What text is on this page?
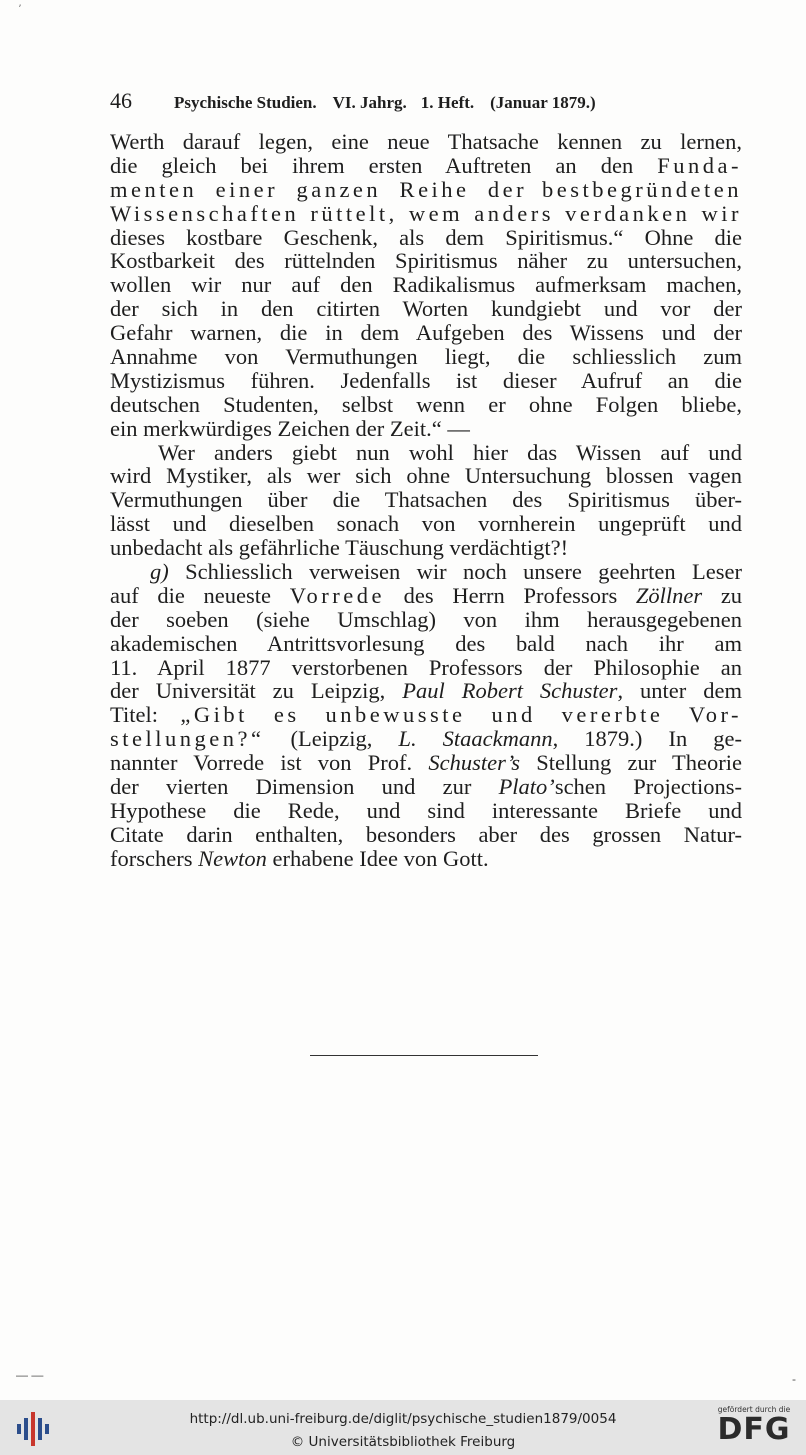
ʼ
46	Psychische Studien. VI. Jahrg. 1. Heft. (Januar 1879.)
Werth darauf legen, eine neue Thatsache kennen zu lernen,
die gleich bei ihrem ersten Auftreten an den Funda-
menten einer ganzen Reihe der bestbegründeten
Wissenschaften rüttelt, wem anders verdanken wir
dieses kostbare Geschenk, als dem Spiritismus.“ Ohne die
Kostbarkeit des rüttelnden Spiritismus näher zu untersuchen,
wollen wir nur auf den Radikalismus aufmerksam machen,
der sich in den citirten Worten kundgiebt und vor der
Gefahr warnen, die in dem Aufgeben des Wissens und der
Annahme von Vermuthungen liegt, die schliesslich zum
Mystizismus führen. Jedenfalls ist dieser Aufruf an die
deutschen Studenten, selbst wenn er ohne Folgen bliebe,
ein merkwürdiges Zeichen der Zeit.“ —
Wer anders giebt nun wohl hier das Wissen auf und
wird Mystiker, als wer sich ohne Untersuchung blossen vagen
Vermuthungen über die Thatsachen des Spiritismus über-
lässt und dieselben sonach von vornherein ungeprüft und
unbedacht als gefährliche Täuschung verdächtigt?!
g) Schliesslich verweisen wir noch unsere geehrten Leser
auf die neueste Vorrede des Herrn Professors Zöllner zu
der soeben (siehe Umschlag) von ihm herausgegebenen
akademischen Antrittsvorlesung des bald nach ihr am
11. April 1877 verstorbenen Professors der Philosophie an
der Universität zu Leipzig, Paul Robert Schuster, unter dem
Titel: „Gibt es unbewusste und vererbte Vor-
stellungen?“ (Leipzig, L. Staackmann, 1879.) In ge-
nannter Vorrede ist von Prof. Schuster’s Stellung zur Theorie
der vierten Dimension und zur Plato’schen Projections-
Hypothese die Rede, und sind interessante Briefe und
Citate darin enthalten, besonders aber des grossen Natur-
forschers Newton erhabene Idee von Gott.
— —	‐
http://dl.ub.uni-freiburg.de/diglit/psychische_studien1879/0054
© Universitätsbibliothek Freiburg
gefördert durch die
DFG
